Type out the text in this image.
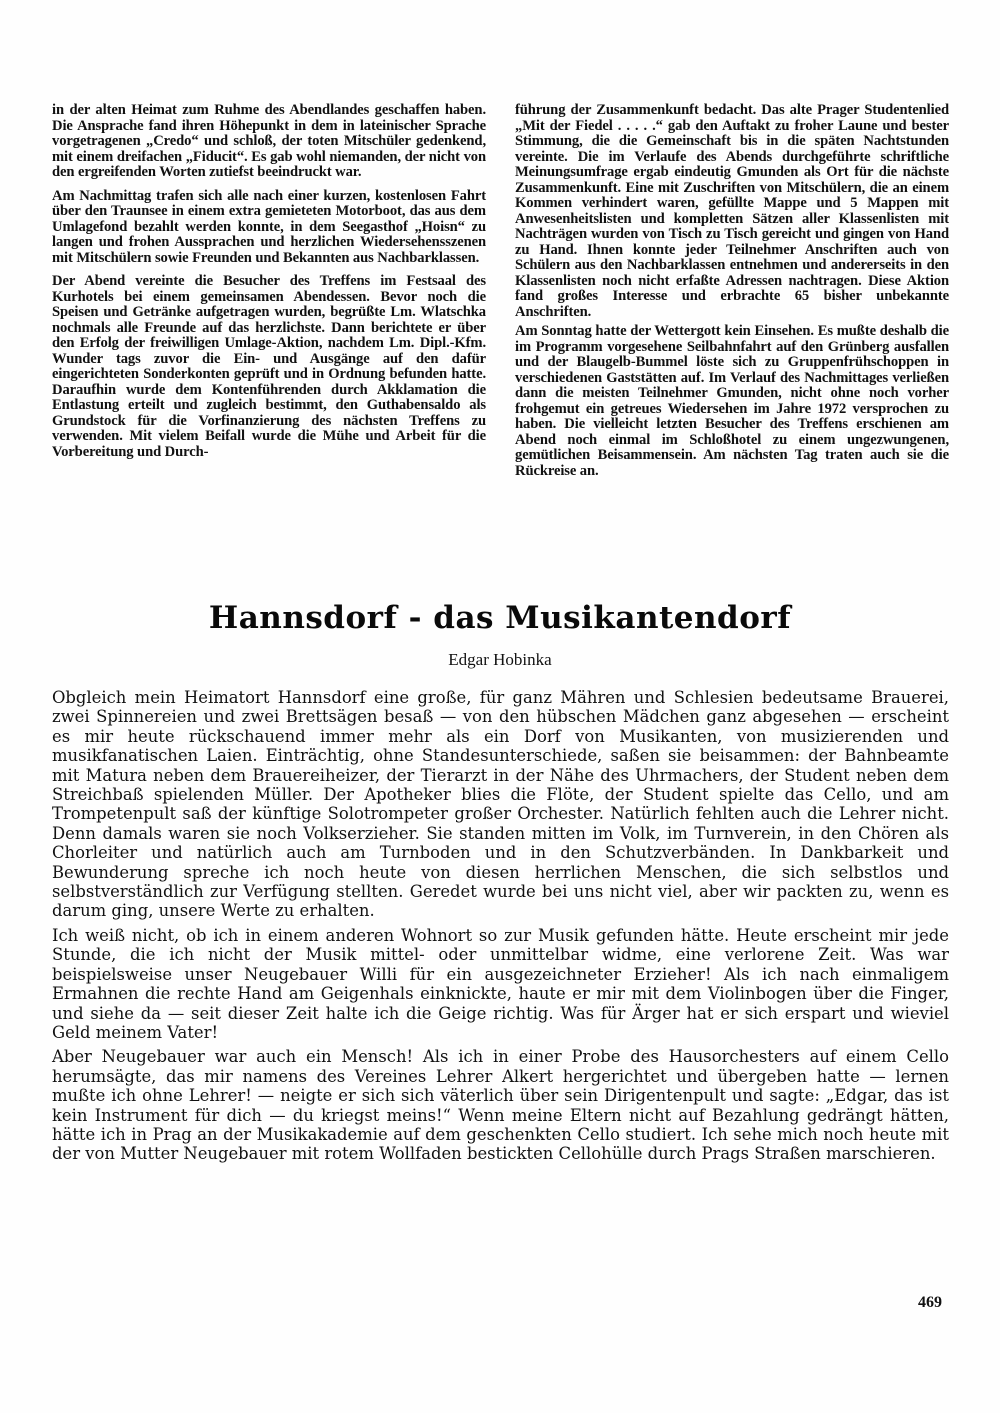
in der alten Heimat zum Ruhme des Abendlandes geschaffen haben. Die Ansprache fand ihren Höhepunkt in dem in lateinischer Sprache vorgetragenen „Credo“ und schloß, der toten Mitschüler gedenkend, mit einem dreifachen „Fiducit“. Es gab wohl niemanden, der nicht von den ergreifenden Worten zutiefst beeindruckt war.

Am Nachmittag trafen sich alle nach einer kurzen, kostenlosen Fahrt über den Traunsee in einem extra gemieteten Motorboot, das aus dem Umlagefond bezahlt werden konnte, in dem Seegasthof „Hoisn“ zu langen und frohen Aussprachen und herzlichen Wiedersehensszenen mit Mitschülern sowie Freunden und Bekannten aus Nachbarklassen.

Der Abend vereinte die Besucher des Treffens im Festsaal des Kurhotels bei einem gemeinsamen Abendessen. Bevor noch die Speisen und Getränke aufgetragen wurden, begrüßte Lm. Wlatschka nochmals alle Freunde auf das herzlichste. Dann berichtete er über den Erfolg der freiwilligen Umlage-Aktion, nachdem Lm. Dipl.-Kfm. Wunder tags zuvor die Ein- und Ausgänge auf den dafür eingerichteten Sonderkonten geprüft und in Ordnung befunden hatte. Daraufhin wurde dem Kontenführenden durch Akklamation die Entlastung erteilt und zugleich bestimmt, den Guthabensaldo als Grundstock für die Vorfinanzierung des nächsten Treffens zu verwenden. Mit vielem Beifall wurde die Mühe und Arbeit für die Vorbereitung und Durch-

führung der Zusammenkunft bedacht. Das alte Prager Studentenlied „Mit der Fiedel . . . . .“ gab den Auftakt zu froher Laune und bester Stimmung, die die Gemeinschaft bis in die späten Nachtstunden vereinte. Die im Verlaufe des Abends durchgeführte schriftliche Meinungsumfrage ergab eindeutig Gmunden als Ort für die nächste Zusammenkunft. Eine mit Zuschriften von Mitschülern, die an einem Kommen verhindert waren, gefüllte Mappe und 5 Mappen mit Anwesenheitslisten und kompletten Sätzen aller Klassenlisten mit Nachträgen wurden von Tisch zu Tisch gereicht und gingen von Hand zu Hand. Ihnen konnte jeder Teilnehmer Anschriften auch von Schülern aus den Nachbarklassen entnehmen und andererseits in den Klassenlisten noch nicht erfaßte Adressen nachtragen. Diese Aktion fand großes Interesse und erbrachte 65 bisher unbekannte Anschriften.

Am Sonntag hatte der Wettergott kein Einsehen. Es mußte deshalb die im Programm vorgesehene Seilbahnfahrt auf den Grünberg ausfallen und der Blaugelb-Bummel löste sich zu Gruppenfrühschoppen in verschiedenen Gaststätten auf. Im Verlauf des Nachmittages verließen dann die meisten Teilnehmer Gmunden, nicht ohne noch vorher frohgemut ein getreues Wiedersehen im Jahre 1972 versprochen zu haben. Die vielleicht letzten Besucher des Treffens erschienen am Abend noch einmal im Schloßhotel zu einem ungezwungenen, gemütlichen Beisammensein. Am nächsten Tag traten auch sie die Rückreise an.

Hannsdorf - das Musikantendorf
Edgar Hobinka

Obgleich mein Heimatort Hannsdorf eine große, für ganz Mähren und Schlesien bedeutsame Brauerei, zwei Spinnereien und zwei Brettsägen besaß — von den hübschen Mädchen ganz abgesehen — erscheint es mir heute rückschauend immer mehr als ein Dorf von Musikanten, von musizierenden und musikfanatischen Laien. Einträchtig, ohne Standesunterschiede, saßen sie beisammen: der Bahnbeamte mit Matura neben dem Brauereiheizer, der Tierarzt in der Nähe des Uhrmachers, der Student neben dem Streichbaß spielenden Müller. Der Apotheker blies die Flöte, der Student spielte das Cello, und am Trompetenpult saß der künftige Solotrompeter großer Orchester. Natürlich fehlten auch die Lehrer nicht. Denn damals waren sie noch Volkserzieher. Sie standen mitten im Volk, im Turnverein, in den Chören als Chorleiter und natürlich auch am Turnboden und in den Schutzverbänden. In Dankbarkeit und Bewunderung spreche ich noch heute von diesen herrlichen Menschen, die sich selbstlos und selbstverständlich zur Verfügung stellten. Geredet wurde bei uns nicht viel, aber wir packten zu, wenn es darum ging, unsere Werte zu erhalten.

Ich weiß nicht, ob ich in einem anderen Wohnort so zur Musik gefunden hätte. Heute erscheint mir jede Stunde, die ich nicht der Musik mittel- oder unmittelbar widme, eine verlorene Zeit. Was war beispielsweise unser Neugebauer Willi für ein ausgezeichneter Erzieher! Als ich nach einmaligem Ermahnen die rechte Hand am Geigenhals einknickte, haute er mir mit dem Violinbogen über die Finger, und siehe da — seit dieser Zeit halte ich die Geige richtig. Was für Ärger hat er sich erspart und wieviel Geld meinem Vater!

Aber Neugebauer war auch ein Mensch! Als ich in einer Probe des Hausorchesters auf einem Cello herumsägte, das mir namens des Vereines Lehrer Alkert hergerichtet und übergeben hatte — lernen mußte ich ohne Lehrer! — neigte er sich sich väterlich über sein Dirigentenpult und sagte: „Edgar, das ist kein Instrument für dich — du kriegst meins!“ Wenn meine Eltern nicht auf Bezahlung gedrängt hätten, hätte ich in Prag an der Musikakademie auf dem geschenkten Cello studiert. Ich sehe mich noch heute mit der von Mutter Neugebauer mit rotem Wollfaden bestickten Cellohülle durch Prags Straßen marschieren.

469
